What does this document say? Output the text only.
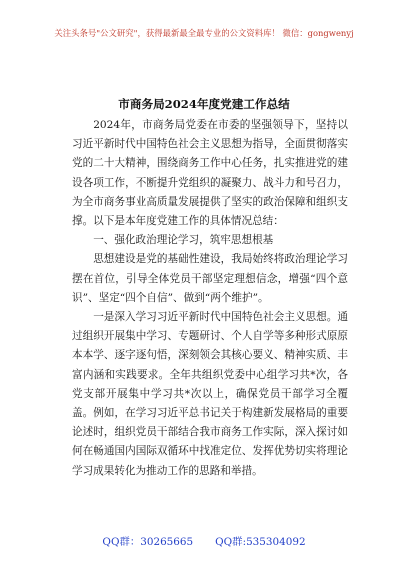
关注头条号"公文研究"，获得最新最全最专业的公文资料库！ 微信：gongwenyj
市商务局2024年度党建工作总结

2024年，市商务局党委在市委的坚强领导下，坚持以习近平新时代中国特色社会主义思想为指导，全面贯彻落实党的二十大精神，围绕商务工作中心任务，扎实推进党的建设各项工作，不断提升党组织的凝聚力、战斗力和号召力，为全市商务事业高质量发展提供了坚实的政治保障和组织支撑。以下是本年度党建工作的具体情况总结：

一、强化政治理论学习，筑牢思想根基

思想建设是党的基础性建设，我局始终将政治理论学习摆在首位，引导全体党员干部坚定理想信念，增强“四个意识”、坚定“四个自信”、做到“两个维护”。

一是深入学习习近平新时代中国特色社会主义思想。通过组织开展集中学习、专题研讨、个人自学等多种形式原原本本学、逐字逐句悟，深刻领会其核心要义、精神实质、丰富内涵和实践要求。全年共组织党委中心组学习共*次，各党支部开展集中学习共*次以上，确保党员干部学习全覆盖。例如，在学习习近平总书记关于构建新发展格局的重要论述时，组织党员干部结合我市商务工作实际，深入探讨如何在畅通国内国际双循环中找准定位、发挥优势切实将理论学习成果转化为推动工作的思路和举措。

QQ群：30265665 QQ群:535304092
